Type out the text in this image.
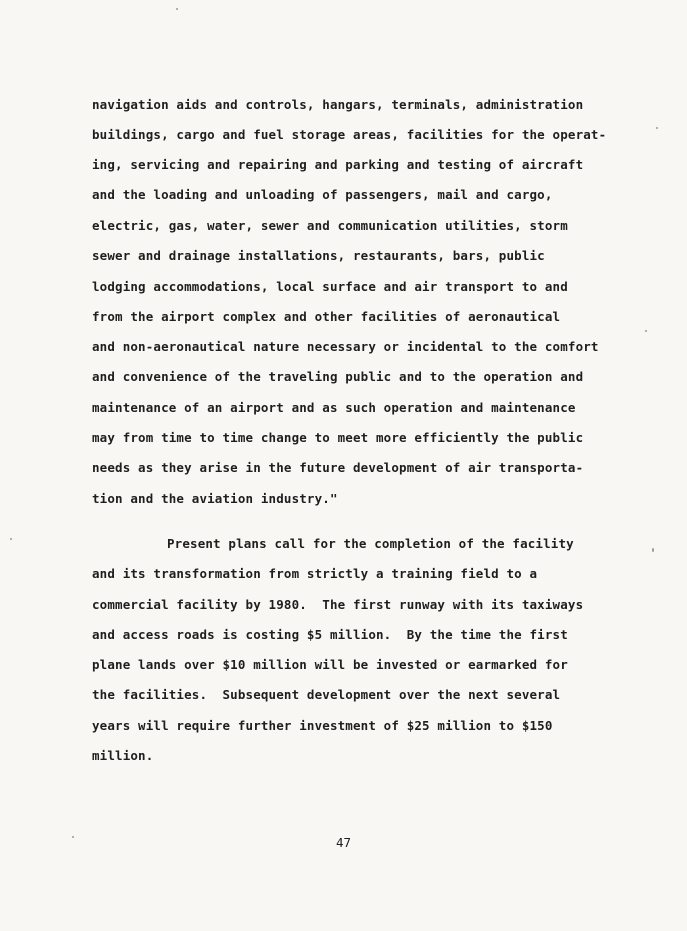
navigation aids and controls, hangars, terminals, administration

buildings, cargo and fuel storage areas, facilities for the operat-

ing, servicing and repairing and parking and testing of aircraft

and the loading and unloading of passengers, mail and cargo,

electric, gas, water, sewer and communication utilities, storm

sewer and drainage installations, restaurants, bars, public

lodging accommodations, local surface and air transport to and

from the airport complex and other facilities of aeronautical

and non-aeronautical nature necessary or incidental to the comfort

and convenience of the traveling public and to the operation and

maintenance of an airport and as such operation and maintenance

may from time to time change to meet more efficiently the public

needs as they arise in the future development of air transporta-

tion and the aviation industry."

Present plans call for the completion of the facility

and its transformation from strictly a training field to a

commercial facility by 1980.  The first runway with its taxiways

and access roads is costing $5 million.  By the time the first

plane lands over $10 million will be invested or earmarked for

the facilities.  Subsequent development over the next several

years will require further investment of $25 million to $150

million.

47
